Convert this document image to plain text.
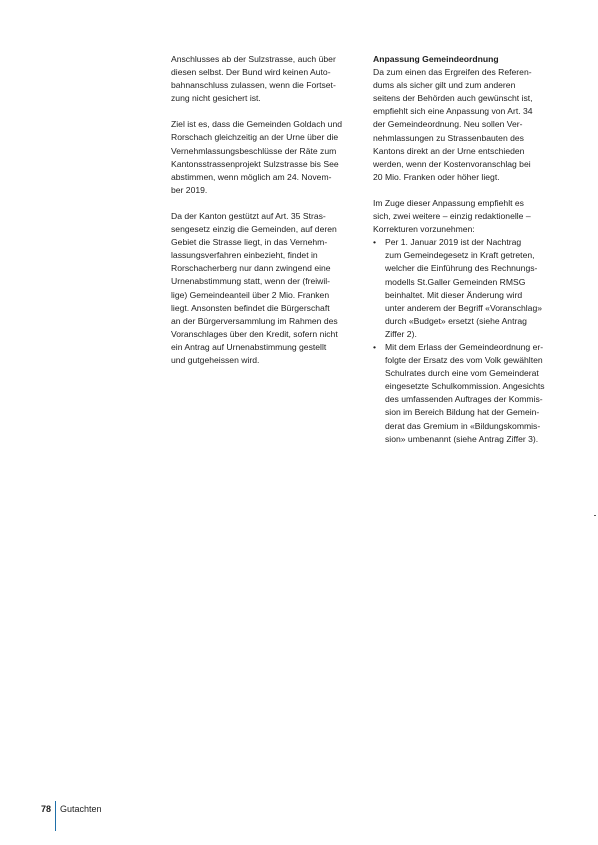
Anschlusses ab der Sulzstrasse, auch über
diesen selbst. Der Bund wird keinen Auto-
bahnanschluss zulassen, wenn die Fortset-
zung nicht gesichert ist.
Ziel ist es, dass die Gemeinden Goldach und
Rorschach gleichzeitig an der Urne über die
Vernehmlassungsbeschlüsse der Räte zum
Kantonsstrassenprojekt Sulzstrasse bis See
abstimmen, wenn möglich am 24. Novem-
ber 2019.
Da der Kanton gestützt auf Art. 35 Stras-
sengesetz einzig die Gemeinden, auf deren
Gebiet die Strasse liegt, in das Vernehm-
lassungsverfahren einbezieht, findet in
Rorschacherberg nur dann zwingend eine
Urnenabstimmung statt, wenn der (freiwil-
lige) Gemeindeanteil über 2 Mio. Franken
liegt. Ansonsten befindet die Bürgerschaft
an der Bürgerversammlung im Rahmen des
Voranschlages über den Kredit, sofern nicht
ein Antrag auf Urnenabstimmung gestellt
und gutgeheissen wird.
Anpassung Gemeindeordnung
Da zum einen das Ergreifen des Referen-
dums als sicher gilt und zum anderen
seitens der Behörden auch gewünscht ist,
empfiehlt sich eine Anpassung von Art. 34
der Gemeindeordnung. Neu sollen Ver-
nehmlassungen zu Strassenbauten des
Kantons direkt an der Urne entschieden
werden, wenn der Kostenvoranschlag bei
20 Mio. Franken oder höher liegt.
Im Zuge dieser Anpassung empfiehlt es
sich, zwei weitere – einzig redaktionelle –
Korrekturen vorzunehmen:
• Per 1. Januar 2019 ist der Nachtrag
zum Gemeindegesetz in Kraft getreten,
welcher die Einführung des Rechnungs-
modells St.Galler Gemeinden RMSG
beinhaltet. Mit dieser Änderung wird
unter anderem der Begriff «Voranschlag»
durch «Budget» ersetzt (siehe Antrag
Ziffer 2).
• Mit dem Erlass der Gemeindeordnung er-
folgte der Ersatz des vom Volk gewählten
Schulrates durch eine vom Gemeinderat
eingesetzte Schulkommission. Angesichts
des umfassenden Auftrages der Kommis-
sion im Bereich Bildung hat der Gemein-
derat das Gremium in «Bildungskommis-
sion» umbenannt (siehe Antrag Ziffer 3).
78 Gutachten
